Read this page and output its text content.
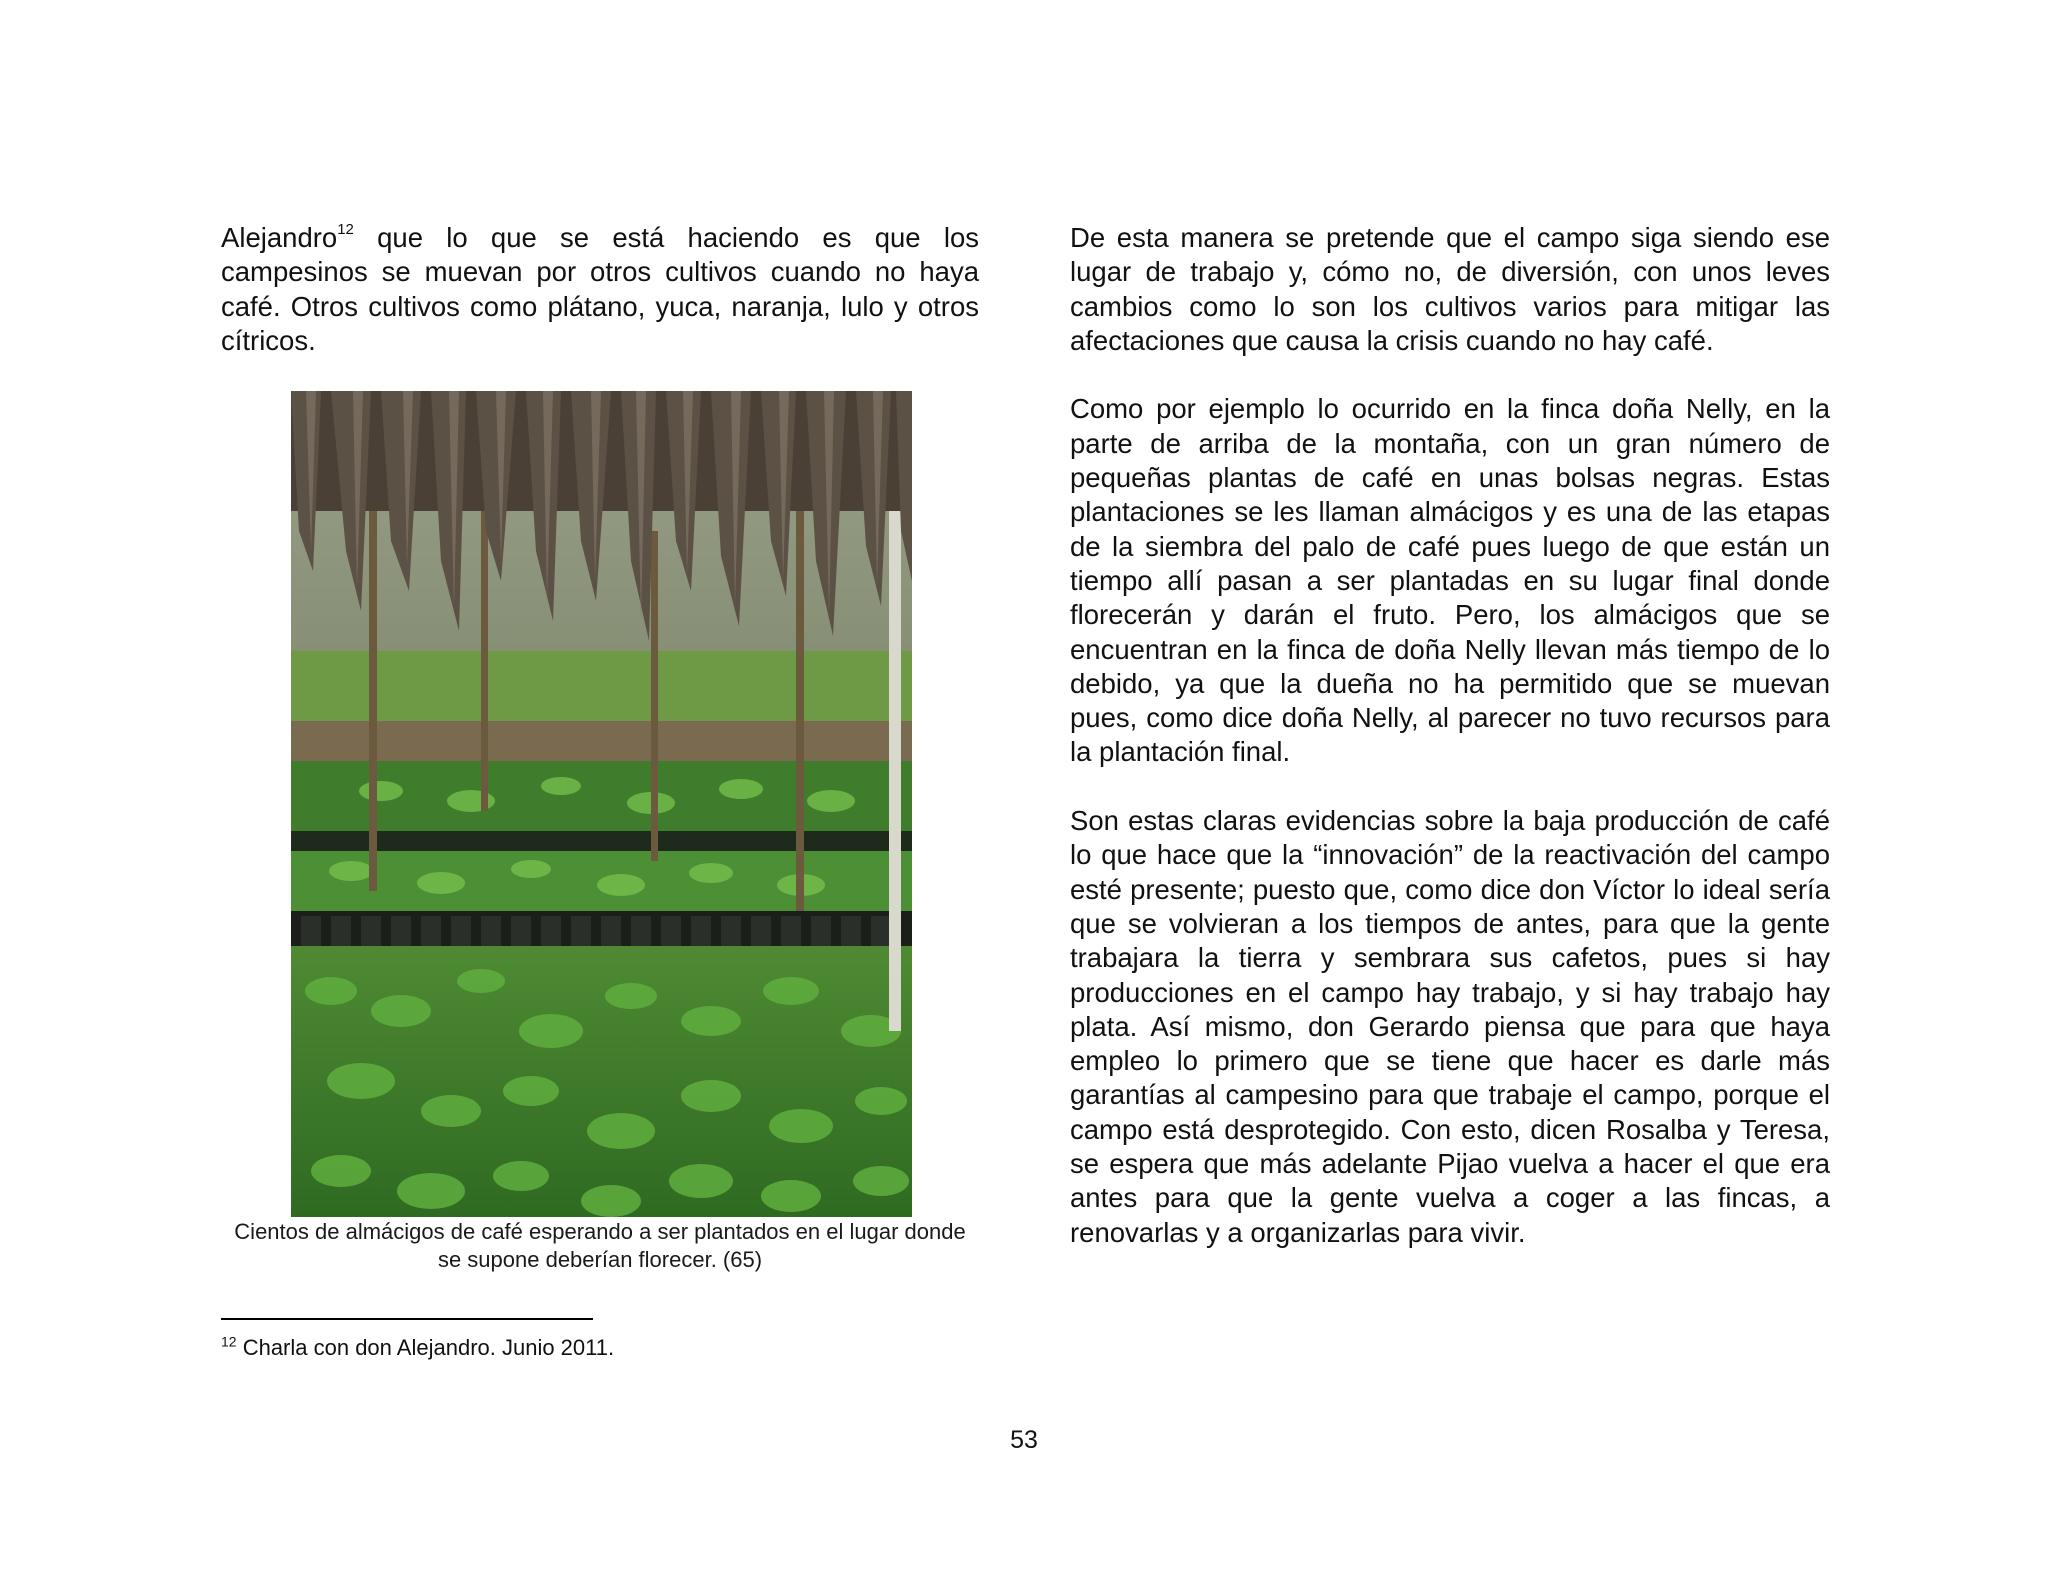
Alejandro$^{12}$ que lo que se está haciendo es que los campesinos se muevan por otros cultivos cuando no haya café. Otros cultivos como plátano, yuca, naranja, lulo y otros cítricos.

Cientos de almácigos de café esperando a ser plantados en el lugar donde se supone deberían florecer. (65)

De esta manera se pretende que el campo siga siendo ese lugar de trabajo y, cómo no, de diversión, con unos leves cambios como lo son los cultivos varios para mitigar las afectaciones que causa la crisis cuando no hay café.

Como por ejemplo lo ocurrido en la finca doña Nelly, en la parte de arriba de la montaña, con un gran número de pequeñas plantas de café en unas bolsas negras. Estas plantaciones se les llaman almácigos y es una de las etapas de la siembra del palo de café pues luego de que están un tiempo allí pasan a ser plantadas en su lugar final donde florecerán y darán el fruto. Pero, los almácigos que se encuentran en la finca de doña Nelly llevan más tiempo de lo debido, ya que la dueña no ha permitido que se muevan pues, como dice doña Nelly, al parecer no tuvo recursos para la plantación final.

Son estas claras evidencias sobre la baja producción de café lo que hace que la “innovación” de la reactivación del campo esté presente; puesto que, como dice don Víctor lo ideal sería que se volvieran a los tiempos de antes, para que la gente trabajara la tierra y sembrara sus cafetos, pues si hay producciones en el campo hay trabajo, y si hay trabajo hay plata. Así mismo, don Gerardo piensa que para que haya empleo lo primero que se tiene que hacer es darle más garantías al campesino para que trabaje el campo, porque el campo está desprotegido. Con esto, dicen Rosalba y Teresa, se espera que más adelante Pijao vuelva a hacer el que era antes para que la gente vuelva a coger a las fincas, a renovarlas y a organizarlas para vivir.

$^{12}$ Charla con don Alejandro. Junio 2011.
53
